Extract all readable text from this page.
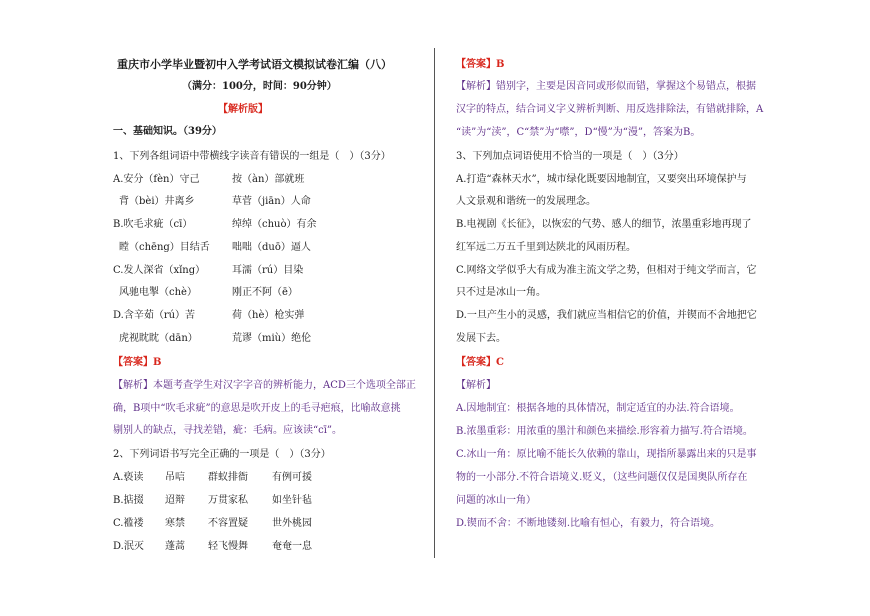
重庆市小学毕业暨初中入学考试语文模拟试卷汇编（八）
（满分：100分，时间：90分钟）
【解析版】
一、基础知识。（39分）
1、下列各组词语中带横线字读音有错误的一组是（　）（3分）
A.安分（fèn）守己	按（àn）部就班
背（bèi）井离乡	草菅（jiān）人命
B.吹毛求疵（cī）	绰绰（chuò）有余
瞠（chēng）目结舌 咄咄（duō）逼人
C.发人深省（xǐng）	耳濡（rú）目染
风驰电掣（chè）	刚正不阿（ē）
D.含辛茹（rú）苦	荷（hè）枪实弹
虎视眈眈（dān）	荒谬（miù）绝伦
【答案】B
【解析】本题考查学生对汉字字音的辨析能力，ACD三个选项全部正
确，B项中“吹毛求疵”的意思是吹开皮上的毛寻疤痕，比喻故意挑
剔别人的缺点，寻找差错，疵：毛病。应该读“cī”。
2、下列词语书写完全正确的一项是（　）（3分）
A.亵读 吊唁 群蚁排衙 有例可援
B.掂掇 迢辩 万贯家私 如坐针毡
C.褴褛 寒禁 不容置疑 世外桃园
D.泯灭 蓬蒿 轻飞慢舞 奄奄一息
【答案】B
【解析】错别字，主要是因音同或形似而错，掌握这个易错点，根据
汉字的特点，结合词义字义辨析判断、用反选排除法，有错就排除，A
“读”为“渎”，C“禁”为“噤”，D“慢”为“漫”，答案为B。
3、下列加点词语使用不恰当的一项是（　）（3分）
A.打造“森林天水”，城市绿化既要因地制宜，又要突出环境保护与
人文景观和谐统一的发展理念。
B.电视剧《长征》，以恢宏的气势、感人的细节，浓墨重彩地再现了
红军远二万五千里到达陕北的风雨历程。
C.网络文学似乎大有成为准主流文学之势，但相对于纯文学而言，它
只不过是冰山一角。
D.一旦产生小的灵感，我们就应当相信它的价值，并锲而不舍地把它
发展下去。
【答案】C
【解析】
A.因地制宜：根据各地的具体情况，制定适宜的办法.符合语境。
B.浓墨重彩：用浓重的墨汁和颜色来描绘.形容着力描写.符合语境。
C.冰山一角：原比喻不能长久依赖的靠山，现指所暴露出来的只是事
物的一小部分.不符合语境义.贬义，（这些问题仅仅是国奥队所存在
问题的冰山一角）
D.锲而不舍：不断地镂刻.比喻有恒心，有毅力，符合语境。
